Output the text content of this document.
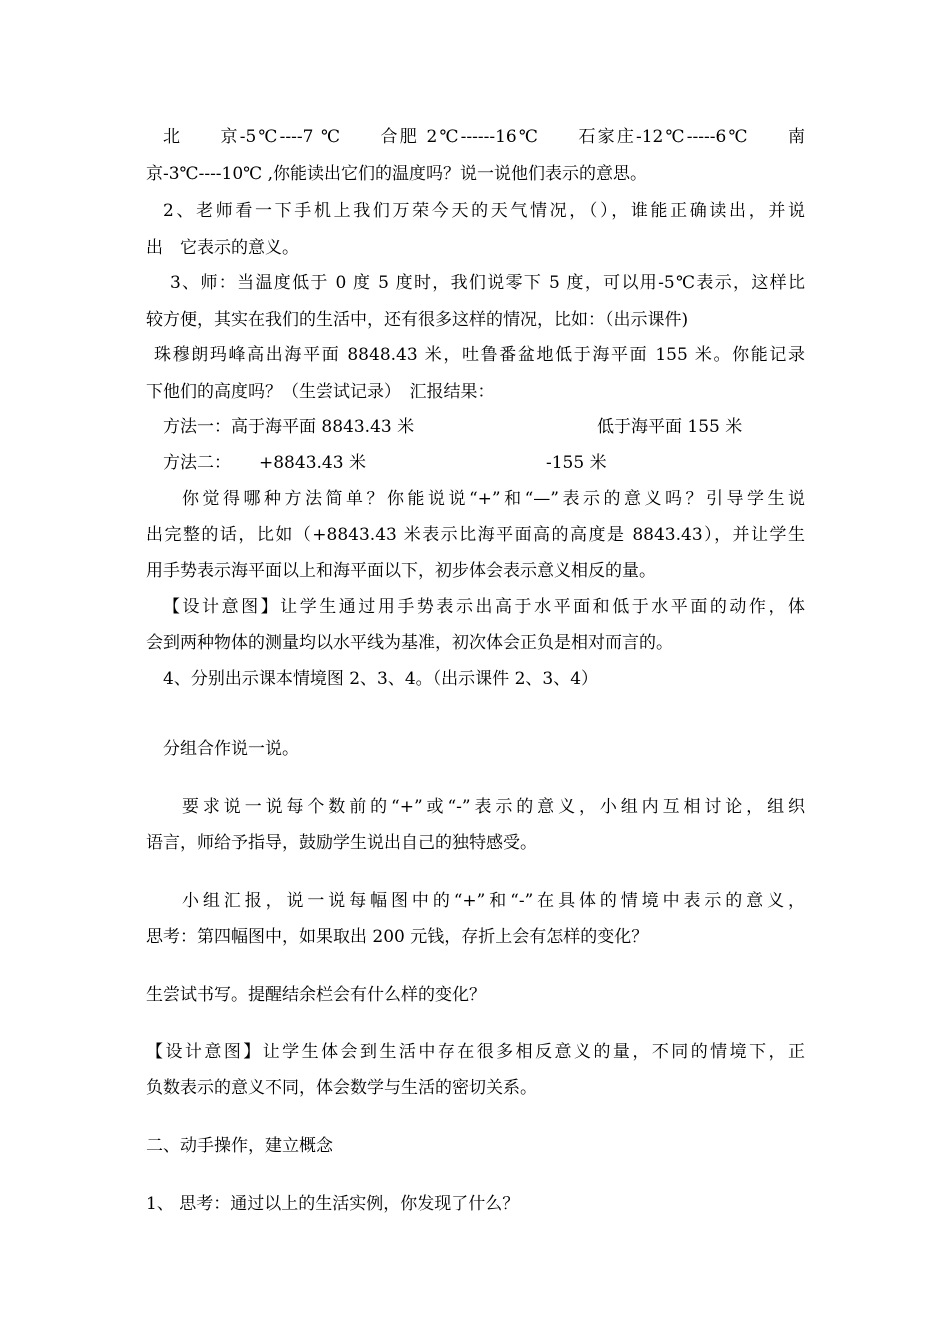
北　　京-5℃----7 ℃　　合肥 2℃------16℃　　石家庄-12℃-----6℃　　南
京-3℃----10℃ ,你能读出它们的温度吗？说一说他们表示的意思。
2、老师看一下手机上我们万荣今天的天气情况，（），谁能正确读出，并说
出　它表示的意义。
3、师：当温度低于 0 度 5 度时，我们说零下 5 度，可以用-5℃表示，这样比
较方便，其实在我们的生活中，还有很多这样的情况，比如：（出示课件)
珠穆朗玛峰高出海平面 8848.43 米，吐鲁番盆地低于海平面 155 米。你能记录
下他们的高度吗？（生尝试记录）　汇报结果：
方法一：高于海平面 8843.43 米	低于海平面 155 米
方法二： +8843.43 米	-155 米
你觉得哪种方法简单？你能说说“+”和“—”表示的意义吗？引导学生说
出完整的话，比如（+8843.43 米表示比海平面高的高度是 8843.43），并让学生
用手势表示海平面以上和海平面以下，初步体会表示意义相反的量。
【设计意图】让学生通过用手势表示出高于水平面和低于水平面的动作，体
会到两种物体的测量均以水平线为基准，初次体会正负是相对而言的。
4、分别出示课本情境图 2、3、4。（出示课件 2、3、4）
分组合作说一说。
要求说一说每个数前的“+”或“-”表示的意义，小组内互相讨论，组织
语言，师给予指导，鼓励学生说出自己的独特感受。
小组汇报，说一说每幅图中的“+”和“-”在具体的情境中表示的意义，
思考：第四幅图中，如果取出 200 元钱，存折上会有怎样的变化？
生尝试书写。提醒结余栏会有什么样的变化？
【设计意图】让学生体会到生活中存在很多相反意义的量，不同的情境下，正
负数表示的意义不同，体会数学与生活的密切关系。
二、动手操作，建立概念
1、 思考：通过以上的生活实例，你发现了什么？
